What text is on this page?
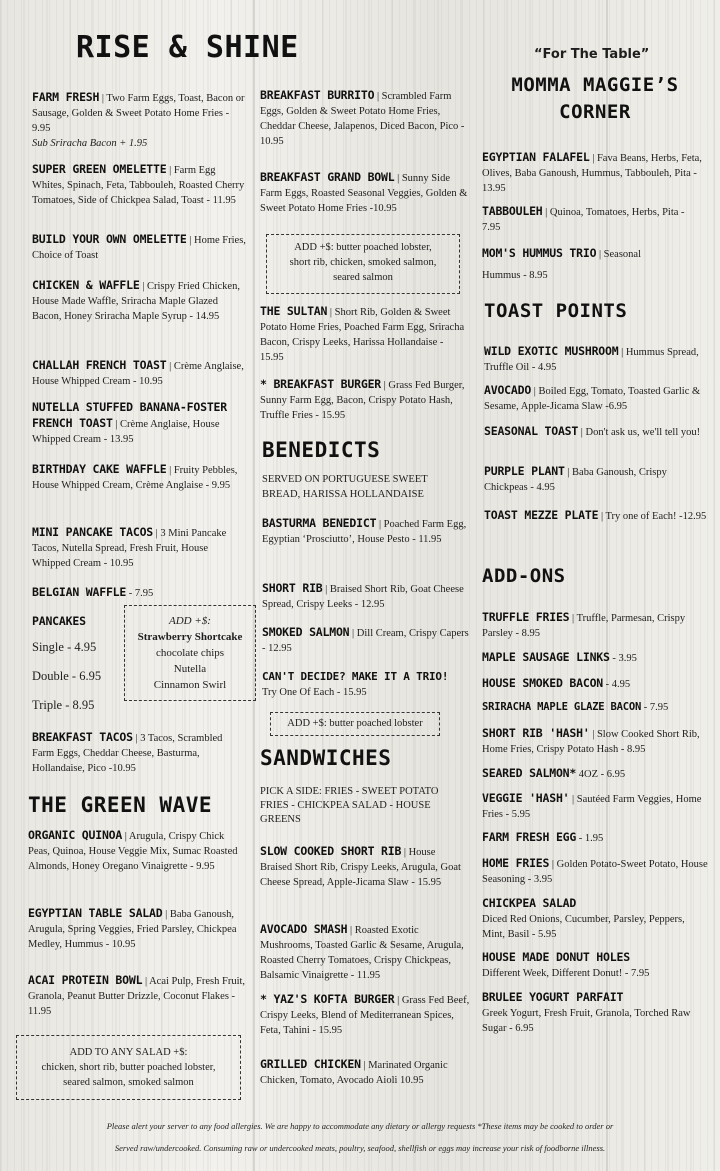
RISE & SHINE
FARM FRESH | Two Farm Eggs, Toast, Bacon or Sausage, Golden & Sweet Potato Home Fries - 9.95
Sub Sriracha Bacon + 1.95
SUPER GREEN OMELETTE | Farm Egg Whites, Spinach, Feta, Tabbouleh, Roasted Cherry Tomatoes, Side of Chickpea Salad, Toast - 11.95
BUILD YOUR OWN OMELETTE | Home Fries, Choice of Toast
CHICKEN & WAFFLE | Crispy Fried Chicken, House Made Waffle, Sriracha Maple Glazed Bacon, Honey Sriracha Maple Syrup - 14.95
CHALLAH FRENCH TOAST | Crème Anglaise, House Whipped Cream - 10.95
NUTELLA STUFFED BANANA-FOSTER FRENCH TOAST | Crème Anglaise, House Whipped Cream - 13.95
BIRTHDAY CAKE WAFFLE | Fruity Pebbles, House Whipped Cream, Crème Anglaise - 9.95
MINI PANCAKE TACOS | 3 Mini Pancake Tacos, Nutella Spread, Fresh Fruit, House Whipped Cream - 10.95
BELGIAN WAFFLE - 7.95
PANCAKES
Single - 4.95
Double - 6.95
Triple - 8.95
ADD +$:
Strawberry Shortcake
chocolate chips
Nutella
Cinnamon Swirl
BREAKFAST TACOS | 3 Tacos, Scrambled Farm Eggs, Cheddar Cheese, Basturma, Hollandaise, Pico -10.95
THE GREEN WAVE
ORGANIC QUINOA | Arugula, Crispy Chick Peas, Quinoa, House Veggie Mix, Sumac Roasted Almonds, Honey Oregano Vinaigrette - 9.95
EGYPTIAN TABLE SALAD | Baba Ganoush, Arugula, Spring Veggies, Fried Parsley, Chickpea Medley, Hummus - 10.95
ACAI PROTEIN BOWL | Acai Pulp, Fresh Fruit, Granola, Peanut Butter Drizzle, Coconut Flakes - 11.95
ADD TO ANY SALAD +$:
chicken, short rib, butter poached lobster,
seared salmon, smoked salmon
BREAKFAST BURRITO | Scrambled Farm Eggs, Golden & Sweet Potato Home Fries, Cheddar Cheese, Jalapenos, Diced Bacon, Pico - 10.95
BREAKFAST GRAND BOWL | Sunny Side Farm Eggs, Roasted Seasonal Veggies, Golden & Sweet Potato Home Fries -10.95
ADD +$: butter poached lobster,
short rib, chicken, smoked salmon,
seared salmon
THE SULTAN | Short Rib, Golden & Sweet Potato Home Fries, Poached Farm Egg, Sriracha Bacon, Crispy Leeks, Harissa Hollandaise - 15.95
* BREAKFAST BURGER | Grass Fed Burger, Sunny Farm Egg, Bacon, Crispy Potato Hash, Truffle Fries - 15.95
BENEDICTS
SERVED ON PORTUGUESE SWEET BREAD, HARISSA HOLLANDAISE
BASTURMA BENEDICT | Poached Farm Egg, Egyptian ‘Prosciutto’, House Pesto - 11.95
SHORT RIB | Braised Short Rib, Goat Cheese Spread, Crispy Leeks - 12.95
SMOKED SALMON | Dill Cream, Crispy Capers - 12.95
CAN'T DECIDE? MAKE IT A TRIO!
Try One Of Each - 15.95
ADD +$: butter poached lobster
SANDWICHES
PICK A SIDE: FRIES - SWEET POTATO FRIES - CHICKPEA SALAD - HOUSE GREENS
SLOW COOKED SHORT RIB | House Braised Short Rib, Crispy Leeks, Arugula, Goat Cheese Spread, Apple-Jicama Slaw - 15.95
AVOCADO SMASH | Roasted Exotic Mushrooms, Toasted Garlic & Sesame, Arugula, Roasted Cherry Tomatoes, Crispy Chickpeas, Balsamic Vinaigrette - 11.95
* YAZ'S KOFTA BURGER | Grass Fed Beef, Crispy Leeks, Blend of Mediterranean Spices, Feta, Tahini - 15.95
GRILLED CHICKEN | Marinated Organic Chicken, Tomato, Avocado Aioli 10.95
“For The Table”
MOMMA MAGGIE’S CORNER
EGYPTIAN FALAFEL | Fava Beans, Herbs, Feta, Olives, Baba Ganoush, Hummus, Tabbouleh, Pita - 13.95
TABBOULEH | Quinoa, Tomatoes, Herbs, Pita - 7.95
MOM'S HUMMUS TRIO | Seasonal Hummus - 8.95
TOAST POINTS
WILD EXOTIC MUSHROOM | Hummus Spread, Truffle Oil - 4.95
AVOCADO | Boiled Egg, Tomato, Toasted Garlic & Sesame, Apple-Jicama Slaw -6.95
SEASONAL TOAST | Don't ask us, we'll tell you!
PURPLE PLANT | Baba Ganoush, Crispy Chickpeas - 4.95
TOAST MEZZE PLATE | Try one of Each! -12.95
ADD-ONS
TRUFFLE FRIES | Truffle, Parmesan, Crispy Parsley - 8.95
MAPLE SAUSAGE LINKS - 3.95
HOUSE SMOKED BACON - 4.95
SRIRACHA MAPLE GLAZE BACON - 7.95
SHORT RIB 'HASH' | Slow Cooked Short Rib, Home Fries, Crispy Potato Hash - 8.95
SEARED SALMON* 4OZ - 6.95
VEGGIE 'HASH' | Sautéed Farm Veggies, Home Fries - 5.95
FARM FRESH EGG - 1.95
HOME FRIES | Golden Potato-Sweet Potato, House Seasoning - 3.95
CHICKPEA SALAD
Diced Red Onions, Cucumber, Parsley, Peppers, Mint, Basil - 5.95
HOUSE MADE DONUT HOLES
Different Week, Different Donut! - 7.95
BRULEE YOGURT PARFAIT
Greek Yogurt, Fresh Fruit, Granola, Torched Raw Sugar - 6.95
Please alert your server to any food allergies. We are happy to accommodate any dietary or allergy requests *These items may be cooked to order or
Served raw/undercooked. Consuming raw or undercooked meats, poultry, seafood, shellfish or eggs may increase your risk of foodborne illness.
